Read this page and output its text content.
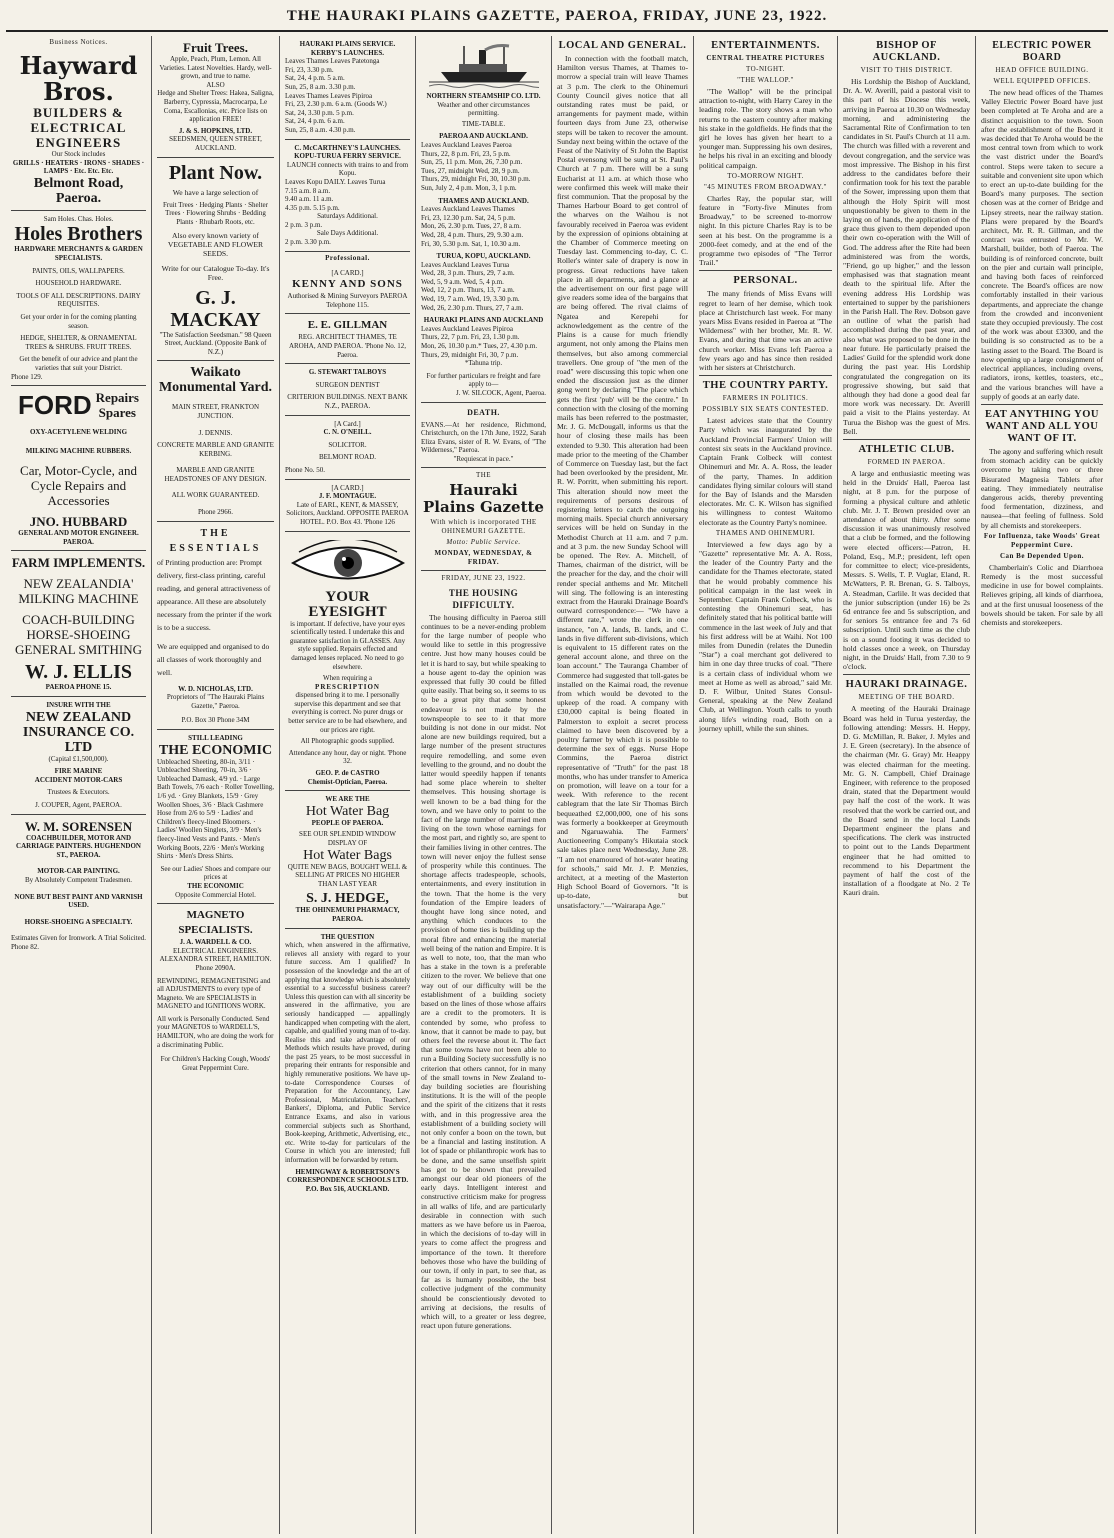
THE HAURAKI PLAINS GAZETTE, PAEROA, FRIDAY, JUNE 23, 1922.
Business Notices.
Hayward Bros.
BUILDERS &
ELECTRICAL
ENGINEERS
Our Stock includes
GRILLS · HEATERS · IRONS · SHADES · LAMPS · Etc. Etc. Etc.
Belmont Road, Paeroa.
Sam Holes. Chas. Holes.
Holes Brothers
HARDWARE MERCHANTS & GARDEN SPECIALISTS.
PAINTS, OILS, WALLPAPERS.
HOUSEHOLD HARDWARE.
TOOLS OF ALL DESCRIPTIONS. DAIRY REQUISITES.
Get your order in for the coming planting season.
HEDGE, SHELTER, & ORNAMENTAL TREES & SHRUBS. FRUIT TREES.
Get the benefit of our advice and plant the varieties that suit your District.
Phone 129.
FORD Repairs
Spares
OXY-ACETYLENE WELDING
MILKING MACHINE RUBBERS.
Car, Motor-Cycle, and Cycle Repairs and Accessories
JNO. HUBBARD
GENERAL AND MOTOR ENGINEER. PAEROA.
FARM IMPLEMENTS.
NEW ZEALANDIA' MILKING MACHINE
COACH-BUILDING HORSE-SHOEING GENERAL SMITHING
W. J. ELLIS
PAEROA PHONE 15.
INSURE WITH THE
NEW ZEALAND INSURANCE CO. LTD
(Capital £1,500,000).
FIRE MARINE
ACCIDENT MOTOR-CARS
Trustees & Executors.
J. COUPER, Agent, PAEROA.
W. M. SORENSEN
COACHBUILDER, MOTOR AND CARRIAGE PAINTERS. HUGHENDON ST., PAEROA.
MOTOR-CAR PAINTING.
By Absolutely Competent Tradesmen.
NONE BUT BEST PAINT AND VARNISH USED.
HORSE-SHOEING A SPECIALTY.
Estimates Given for Ironwork. A Trial Solicited.
Phone 82.
Fruit Trees.
Apple, Peach, Plum, Lemon. All Varieties. Latest Novelties. Hardy, well-grown, and true to name.
ALSO
Hedge and Shelter Trees: Hakea, Saligna, Barberry, Cypressia, Macrocarpa, Le Coma, Escallonias, etc. Price lists on application FREE!
J. & S. HOPKINS, LTD.
SEEDSMEN, QUEEN STREET, AUCKLAND.
Plant Now.
We have a large selection of
Fruit Trees · Hedging Plants · Shelter Trees · Flowering Shrubs · Bedding Plants · Rhubarb Roots, etc.
Also every known variety of VEGETABLE AND FLOWER SEEDS.
Write for our Catalogue To-day. It's Free.
G. J. MACKAY
"The Satisfaction Seedsman." 98 Queen Street, Auckland. (Opposite Bank of N.Z.)
Waikato Monumental Yard.
MAIN STREET, FRANKTON JUNCTION.
J. DENNIS.
CONCRETE MARBLE AND GRANITE KERBING.
MARBLE AND GRANITE HEADSTONES OF ANY DESIGN.
ALL WORK GUARANTEED.
Phone 2966.
THE ESSENTIALS
of Printing production are: Prompt delivery, first-class printing, careful reading, and general attractiveness of appearance. All these are absolutely necessary from the printer if the work is to be a success.
We are equipped and organised to do all classes of work thoroughly and well.
W. D. NICHOLAS, LTD.
Proprietors of "The Hauraki Plains Gazette," Paeroa.
P.O. Box 30 Phone 34M
STILL LEADING
THE ECONOMIC
Unbleached Sheeting, 80-in, 3/11 · Unbleached Sheeting, 70-in, 3/6 · Unbleached Damask, 4/9 yd. · Large Bath Towels, 7/6 each · Roller Towelling, 1/6 yd. · Grey Blankets, 15/9 · Grey Woollen Shoes, 3/6 · Black Cashmere Hose from 2/6 to 5/9 · Ladies' and Children's fleecy-lined Bloomers. · Ladies' Woollen Singlets, 3/9 · Men's fleecy-lined Vests and Pants. · Men's Working Boots, 22/6 · Men's Working Shirts · Men's Dress Shirts.
See our Ladies' Shoes and compare our prices at
THE ECONOMIC
Opposite Commercial Hotel.
MAGNETO SPECIALISTS.
J. A. WARDELL & CO.
ELECTRICAL ENGINEERS. ALEXANDRA STREET, HAMILTON. Phone 2090A.
REWINDING, REMAGNETISING and all ADJUSTMENTS to every type of Magneto. We are SPECIALISTS in MAGNETO and IGNITIONS WORK.
All work is Personally Conducted. Send your MAGNETOS to WARDELL'S, HAMILTON, who are doing the work for a discriminating Public.
For Children's Hacking Cough, Woods' Great Peppermint Cure.
HAURAKI PLAINS SERVICE.
KERBY'S LAUNCHES.
Leaves Thames Leaves Patetonga
Fri, 23, 3.30 p.m.
Sat, 24, 4 p.m. 5 a.m.
Sun, 25, 8 a.m. 3.30 p.m.
Leaves Thames Leaves Pipiroa
Fri, 23, 2.30 p.m. 6 a.m. (Goods W.)
Sat, 24, 3.30 p.m. 5 p.m.
Sat, 24, 4 p.m. 6 a.m.
Sun, 25, 8 a.m. 4.30 p.m.
C. McCARTHNEY'S LAUNCHES.
KOPU-TURUA FERRY SERVICE.
LAUNCH connects with trains to and from Kopu.
Leaves Kopu DAILY. Leaves Turua
7.15 a.m. 8 a.m.
9.40 a.m. 11 a.m.
4.35 p.m. 5.15 p.m.
Saturdays Additional.
2 p.m. 3 p.m.
Sale Days Additional.
2 p.m. 3.30 p.m.
Professional.
[A CARD.]
KENNY AND SONS
Authorised & Mining Surveyors PAEROA Telephone 115.
E. E. GILLMAN
REG. ARCHITECT THAMES, TE AROHA, AND PAEROA. 'Phone No. 12, Paeroa.
G. STEWART TALBOYS
SURGEON DENTIST
CRITERION BUILDINGS. NEXT BANK N.Z., PAEROA.
[A Card.]
C. N. O'NEILL.
SOLICITOR.
BELMONT ROAD.
Phone No. 50.
[A CARD.]
J. F. MONTAGUE.
Late of EARL, KENT, & MASSEY, Solicitors, Auckland. OPPOSITE PAEROA HOTEL. P.O. Box 43. 'Phone 126
YOUR EYESIGHT
is important. If defective, have your eyes scientifically tested. I undertake this and guarantee satisfaction in GLASSES. Any style supplied. Repairs effected and damaged lenses replaced. No need to go elsewhere.
When requiring a
PRESCRIPTION
dispensed bring it to me. I personally supervise this department and see that everything is correct. No purer drugs or better service are to be had elsewhere, and our prices are right.
All Photographic goods supplied.
Attendance any hour, day or night. 'Phone 32.
GEO. P. de CASTRO
Chemist-Optician, Paeroa.
WE ARE THE
Hot Water Bag
PEOPLE OF PAEROA.
SEE OUR SPLENDID WINDOW DISPLAY OF
Hot Water Bags
QUITE NEW BAGS, BOUGHT WELL & SELLING AT PRICES NO HIGHER THAN LAST YEAR
S. J. HEDGE,
THE OHINEMURI PHARMACY, PAEROA.
THE QUESTION
which, when answered in the affirmative, relieves all anxiety with regard to your future success. Am I qualified? In possession of the knowledge and the art of applying that knowledge which is absolutely essential to a successful business career? Unless this question can with all sincerity be answered in the affirmative, you are seriously handicapped — appallingly handicapped when competing with the alert, capable, and qualified young man of to-day. Realise this and take advantage of our Methods which results have proved, during the past 25 years, to be most successful in preparing their entrants for responsible and highly remunerative positions. We have up-to-date Correspondence Courses of Preparation for the Accountancy, Law Professional, Matriculation, Teachers', Bankers', Diploma, and Public Service Entrance Exams, and also in various commercial subjects such as Shorthand, Book-keeping, Arithmetic, Advertising, etc., etc. Write to-day for particulars of the Course in which you are interested; full information will be forwarded by return.
HEMINGWAY & ROBERTSON'S CORRESPONDENCE SCHOOLS LTD. P.O. Box 516, AUCKLAND.
NORTHERN STEAMSHIP CO. LTD.
Weather and other circumstances permitting.
TIME-TABLE.
PAEROA AND AUCKLAND.
Leaves Auckland Leaves Paeroa
Thurs, 22, 8 p.m. Fri, 23, 5 p.m.
Sun, 25, 11 p.m. Mon, 26, 7.30 p.m.
Tues, 27, midnight Wed, 28, 9 p.m.
Thurs, 29, midnight Fri, 30, 10.30 p.m.
Sun, July 2, 4 p.m. Mon, 3, 1 p.m.
THAMES AND AUCKLAND.
Leaves Auckland Leaves Thames
Fri, 23, 12.30 p.m. Sat, 24, 5 p.m.
Mon, 26, 2.30 p.m. Tues, 27, 8 a.m.
Wed, 28, 4 p.m. Thurs, 29, 9.30 a.m.
Fri, 30, 5.30 p.m. Sat, 1, 10.30 a.m.
TURUA, KOPU, AUCKLAND.
Leaves Auckland Leaves Turua
Wed, 28, 3 p.m. Thurs, 29, 7 a.m.
Wed, 5, 9 a.m. Wed, 5, 4 p.m.
Wed, 12, 2 p.m. Thurs, 13, 7 a.m.
Wed, 19, 7 a.m. Wed, 19, 3.30 p.m.
Wed, 26, 2.30 p.m. Thurs, 27, 7 a.m.
HAURAKI PLAINS AND AUCKLAND
Leaves Auckland Leaves Pipiroa
Thurs, 22, 7 p.m. Fri, 23, 1.30 p.m.
Mon, 26, 10.30 p.m.* Tues, 27, 4.30 p.m.
Thurs, 29, midnight Fri, 30, 7 p.m.
*Tahuna trip.
For further particulars re freight and fare apply to—
J. W. SILCOCK, Agent, Paeroa.
DEATH.
EVANS.—At her residence, Richmond, Christchurch, on the 17th June, 1922, Sarah Eliza Evans, sister of R. W. Evans, of "The Wilderness," Paeroa.
"Requiescat in pace."
THE
Hauraki Plains Gazette
With which is incorporated THE OHINEMURI GAZETTE.
Motto: Public Service.
MONDAY, WEDNESDAY, & FRIDAY.
FRIDAY, JUNE 23, 1922.
THE HOUSING DIFFICULTY.
The housing difficulty in Paeroa still continues to be a never-ending problem for the large number of people who would like to settle in this progressive centre. Just how many houses could be let it is hard to say, but while speaking to a house agent to-day the opinion was expressed that fully 30 could be filled quite easily. That being so, it seems to us to be a great pity that some honest endeavour is not made by the townspeople to see to it that more building is not done in our midst. Not alone are new buildings required, but a large number of the present structures require remodelling, and some even levelling to the ground, and no doubt the latter would speedily happen if tenants had some place wherein to shelter themselves. This housing shortage is well known to be a bad thing for the town, and we have only to point to the fact of the large number of married men living on the town whose earnings for the most part, and rightly so, are spent to their families living in other centres. The town will never enjoy the fullest sense of prosperity while this continues. The shortage affects tradespeople, schools, entertainments, and every institution in the town. That the home is the very foundation of the Empire leaders of thought have long since noted, and anything which conduces to the provision of home ties is building up the moral fibre and enhancing the material well being of the nation and Empire. It is as well to note, too, that the man who has a stake in the town is a preferable citizen to the rover. We believe that one way out of our difficulty will be the establishment of a building society based on the lines of those whose affairs are a credit to the promoters. It is contended by some, who profess to know, that it cannot be made to pay, but others feel the reverse about it. The fact that some towns have not been able to run a Building Society successfully is no criterion that others cannot, for in many of the small towns in New Zealand to-day building societies are flourishing institutions. It is the will of the people and the spirit of the citizens that it rests with, and in this progressive area the establishment of a building society will not only confer a boon on the town, but be a financial and lasting institution. A lot of spade or philanthropic work has to be done, and the same unselfish spirit has got to be shown that prevailed amongst our dear old pioneers of the early days. Intelligent interest and constructive criticism make for progress in all walks of life, and are particularly desirable in connection with such matters as we have before us in Paeroa, in which the decisions of to-day will in years to come affect the progress and importance of the town. It therefore behoves those who have the building of our town, if only in part, to see that, as far as is humanly possible, the best collective judgment of the community should be conscientiously devoted to arriving at decisions, the results of which will, to a greater or less degree, react upon future generations.
LOCAL AND GENERAL.
In connection with the football match, Hamilton versus Thames, at Thames to-morrow a special train will leave Thames at 3 p.m. The clerk to the Ohinemuri County Council gives notice that all outstanding rates must be paid, or arrangements for payment made, within fourteen days from June 23, otherwise steps will be taken to recover the amount. Sunday next being within the octave of the Feast of the Nativity of St John the Baptist Postal evensong will be sung at St. Paul's Church at 7 p.m. There will be a sung Eucharist at 11 a.m. at which those who were confirmed this week will make their first communion. That the proposal by the Thames Harbour Board to get control of the wharves on the Waihou is not favourably received in Paeroa was evident by the expression of opinions obtaining at the Chamber of Commerce meeting on Tuesday last. Commencing to-day, C. C. Roller's winter sale of drapery is now in progress. Great reductions have taken place in all departments, and a glance at the advertisement on our first page will give readers some idea of the bargains that are being offered. The rival claims of Ngatea and Kerepehi for acknowledgement as the centre of the Plains is a cause for much friendly argument, not only among the Plains men themselves, but also among commercial travellers. One group of "the men of the road" were discussing this topic when one ended the discussion just as the dinner gong went by declaring "The place which gets the first 'pub' will be the centre." In connection with the closing of the morning mails has been referred to the postmaster, Mr. J. G. McDougall, informs us that the hour of closing these mails has been extended to 9.30. This alteration had been made prior to the meeting of the Chamber of Commerce on Tuesday last, but the fact had been overlooked by the president, Mr. R. W. Porritt, when submitting his report. This alteration should now meet the requirements of persons desirous of registering letters to catch the outgoing morning mails. Special church anniversary services will be held on Sunday in the Methodist Church at 11 a.m. and 7 p.m. and at 3 p.m. the new Sunday School will be opened. The Rev. A. Mitchell, of Thames, chairman of the district, will be the preacher for the day, and the choir will render special anthems and Mr. Mitchell will sing. The following is an interesting extract from the Hauraki Drainage Board's outward correspondence:— "We have a different rate," wrote the clerk in one instance, "on A. lands, B. lands, and C. lands in five different sub-divisions, which is equivalent to 15 different rates on the general account alone, and three on the loan account." The Tauranga Chamber of Commerce had suggested that toll-gates be installed on the Kaimai road, the revenue from which would be devoted to the upkeep of the road. A company with £30,000 capital is being floated in Palmerston to exploit a secret process claimed to have been discovered by a poultry farmer by which it is possible to determine the sex of eggs. Nurse Hope Commins, the Paeroa district representative of "Truth" for the past 18 months, who has under transfer to America on promotion, will leave on a tour for a week. With reference to the recent cablegram that the late Sir Thomas Birch bequeathed £2,000,000, one of his sons was formerly a bookkeeper at Greymouth and Ngaruawahia. The Farmers' Auctioneering Company's Hikutaia stock sale takes place next Wednesday, June 28. "I am not enamoured of hot-water heating for schools," said Mr. J. P. Menzies, architect, at a meeting of the Masterton High School Board of Governors. "It is up-to-date, but unsatisfactory."—"Wairarapa Age."
ENTERTAINMENTS.
CENTRAL THEATRE PICTURES
TO-NIGHT.
"THE WALLOP."
"The Wallop" will be the principal attraction to-night, with Harry Carey in the leading role. The story shows a man who returns to the eastern country after making his stake in the goldfields. He finds that the girl he loves has given her heart to a younger man. Suppressing his own desires, he helps his rival in an exciting and bloody political campaign.
TO-MORROW NIGHT.
"45 MINUTES FROM BROADWAY."
Charles Ray, the popular star, will feature in "Forty-five Minutes from Broadway," to be screened to-morrow night. In this picture Charles Ray is to be seen at his best. On the programme is a 2000-feet comedy, and at the end of the programme two episodes of "The Terror Trail."
PERSONAL.
The many friends of Miss Evans will regret to learn of her demise, which took place at Christchurch last week. For many years Miss Evans resided in Paeroa at "The Wilderness" with her brother, Mr. R. W. Evans, and during that time was an active church worker. Miss Evans left Paeroa a few years ago and has since then resided with her sisters at Christchurch.
THE COUNTRY PARTY.
FARMERS IN POLITICS.
POSSIBLY SIX SEATS CONTESTED.
Latest advices state that the Country Party which was inaugurated by the Auckland Provincial Farmers' Union will contest six seats in the Auckland province. Captain Frank Colbeck will contest Ohinemuri and Mr. A. A. Ross, the leader of the party, Thames. In addition candidates flying similar colours will stand for the Bay of Islands and the Marsden electorates. Mr. C. K. Wilson has signified his willingness to contest Waitomo electorate as the Country Party's nominee.
THAMES AND OHINEMURI.
Interviewed a few days ago by a "Gazette" representative Mr. A. A. Ross, the leader of the Country Party and the candidate for the Thames electorate, stated that he would probably commence his political campaign in the last week in September. Captain Frank Colbeck, who is contesting the Ohinemuri seat, has definitely stated that his political battle will commence in the last week of July and that his first address will be at Waihi. Not 100 miles from Dunedin (relates the Dunedin "Star") a coal merchant got delivered to him in one day three trucks of coal. "There is a certain class of individual whom we meet at Home as well as abroad," said Mr. D. F. Wilbur, United States Consul-General, speaking at the New Zealand Club, at Wellington. Youth calls to youth along life's winding road, Both on a journey uphill, while the sun shines.
BISHOP OF AUCKLAND.
VISIT TO THIS DISTRICT.
His Lordship the Bishop of Auckland, Dr. A. W. Averill, paid a pastoral visit to this part of his Diocese this week, arriving in Paeroa at 10.30 on Wednesday morning, and administering the Sacramental Rite of Confirmation to ten candidates in St. Paul's Church at 11 a.m. The church was filled with a reverent and devout congregation, and the service was most impressive. The Bishop in his first address to the candidates before their confirmation took for his text the parable of the Sower, impressing upon them that although the Holy Spirit will most unquestionably be given to them in the laying on of hands, the application of the grace thus given to them depended upon their own co-operation with the Will of God. The address after the Rite had been administered was from the words, "Friend, go up higher," and the lesson emphasised was that stagnation meant death to the spiritual life. After the evening address His Lordship was entertained to supper by the parishioners in the Parish Hall. The Rev. Dobson gave an outline of what the parish had accomplished during the past year, and also what was proposed to be done in the near future. He particularly praised the Ladies' Guild for the splendid work done during the past year. His Lordship congratulated the congregation on its progressive showing, but said that although they had done a good deal far more work was necessary. Dr. Averill paid a visit to the Plains yesterday. At Turua the Bishop was the guest of Mrs. Bell.
ATHLETIC CLUB.
FORMED IN PAEROA.
A large and enthusiastic meeting was held in the Druids' Hall, Paeroa last night, at 8 p.m. for the purpose of forming a physical culture and athletic club. Mr. J. T. Brown presided over an attendance of about thirty. After some discussion it was unanimously resolved that a club be formed, and the following were elected officers:—Patron, H. Poland, Esq., M.P.; president, left open for committee to elect; vice-presidents, Messrs. S. Wells, T. P. Vuglar, Eland, R. McWatters, P. R. Brenan, G. S. Talboys, A. Steadman, Carlile. It was decided that the junior subscription (under 16) be 2s 6d entrance fee and 5s subscription, and for seniors 5s entrance fee and 7s 6d subscription. Until such time as the club is on a sound footing it was decided to hold classes once a week, on Thursday night, in the Druids' Hall, from 7.30 to 9 o'clock.
HAURAKI DRAINAGE.
MEETING OF THE BOARD.
A meeting of the Hauraki Drainage Board was held in Turua yesterday, the following attending: Messrs. H. Heppy, D. G. McMillan, R. Baker, J. Myles and J. E. Green (secretary). In the absence of the chairman (Mr. G. Gray) Mr. Heappy was elected chairman for the meeting. Mr. G. N. Campbell, Chief Drainage Engineer, with reference to the proposed drain, stated that the Department would pay half the cost of the work. It was resolved that the work be carried out, and the Board send in the local Lands Department engineer the plans and specifications. The clerk was instructed to point out to the Lands Department engineer that he had omitted to recommend to his Department the payment of half the cost of the installation of a floodgate at No. 2 Te Kauri drain.
ELECTRIC POWER BOARD
HEAD OFFICE BUILDING.
WELL EQUIPPED OFFICES.
The new head offices of the Thames Valley Electric Power Board have just been completed at Te Aroha and are a distinct acquisition to the town. Soon after the establishment of the Board it was decided that Te Aroha would be the most central town from which to work the vast district under the Board's control. Steps were taken to secure a suitable and convenient site upon which to erect an up-to-date building for the Board's many purposes. The section chosen was at the corner of Bridge and Lipsey streets, near the railway station. Plans were prepared by the Board's architect, Mr. R. R. Gillman, and the contract was entrusted to Mr. W. Marshall, builder, both of Paeroa. The building is of reinforced concrete, built on the pier and curtain wall principle, and having both faces of reinforced concrete. The Board's offices are now comfortably installed in their various departments, and appreciate the change from the crowded and inconvenient state they occupied previously. The cost of the work was about £3300, and the building is so constructed as to be a lasting asset to the Board. The Board is now opening up a large consignment of electrical appliances, including ovens, radiators, irons, kettles, toasters, etc., and the various branches will have a supply of goods at an early date.
EAT ANYTHING YOU WANT AND ALL YOU WANT OF IT.
The agony and suffering which result from stomach acidity can be quickly overcome by taking two or three Bisurated Magnesia Tablets after eating. They immediately neutralise dangerous acids, thereby preventing food fermentation, dizziness, and nausea—that feeling of fullness. Sold by all chemists and storekeepers.
For Influenza, take Woods' Great Peppermint Cure.
Can Be Depended Upon.
Chamberlain's Colic and Diarrhoea Remedy is the most successful medicine in use for bowel complaints. Relieves griping, all kinds of diarrhoea, and at the first unusual looseness of the bowels should be taken. For sale by all chemists and storekeepers.
